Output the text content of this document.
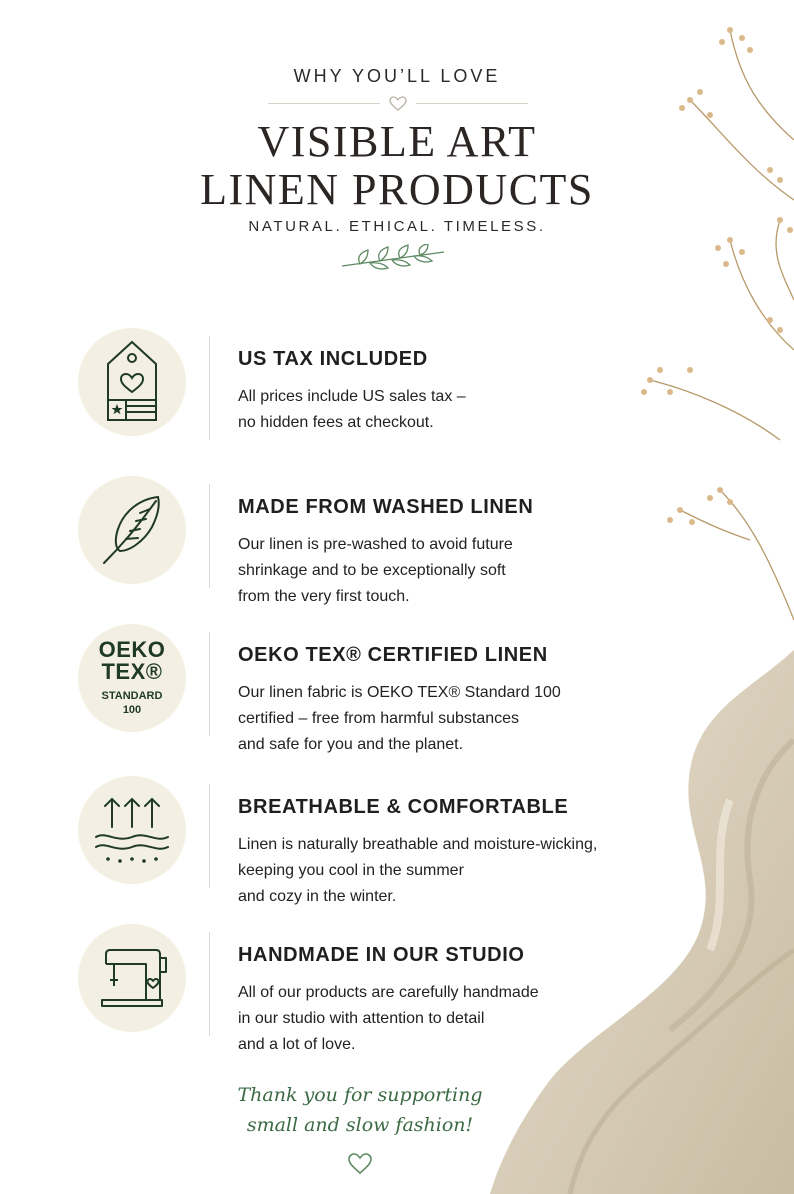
WHY YOU’LL LOVE
VISIBLE ART
LINEN PRODUCTS
NATURAL. ETHICAL. TIMELESS.
US TAX INCLUDED
All prices include US sales tax –
no hidden fees at checkout.
MADE FROM WASHED LINEN
Our linen is pre-washed to avoid future
shrinkage and to be exceptionally soft
from the very first touch.
OEKO
TEX®
STANDARD
100
OEKO TEX® CERTIFIED LINEN
Our linen fabric is OEKO TEX® Standard 100
certified – free from harmful substances
and safe for you and the planet.
BREATHABLE & COMFORTABLE
Linen is naturally breathable and moisture-wicking,
keeping you cool in the summer
and cozy in the winter.
HANDMADE IN OUR STUDIO
All of our products are carefully handmade
in our studio with attention to detail
and a lot of love.
Thank you for supporting
small and slow fashion!
